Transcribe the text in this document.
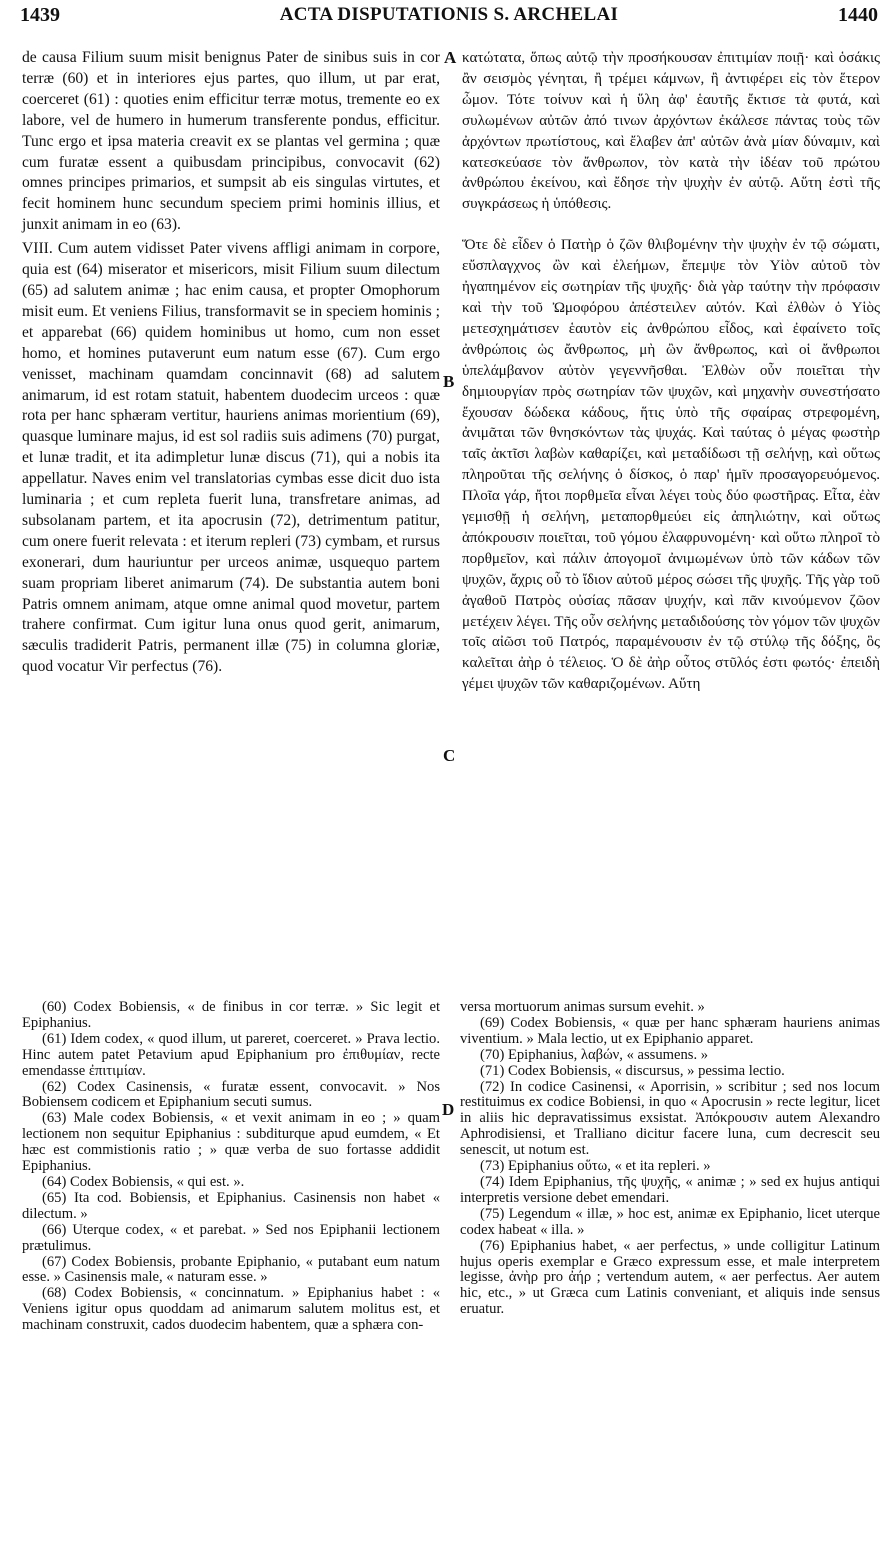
1439	ACTA DISPUTATIONIS S. ARCHELAI	1440

de causa Filium suum misit benignus Pater de sinibus suis in cor terræ (60) et in interiores ejus partes, quo illum, ut par erat, coerceret (61) : quoties enim efficitur terræ motus, tremente eo ex labore, vel de humero in humerum transferente pondus, efficitur. Tunc ergo et ipsa materia creavit ex se plantas vel germina ; quæ cum furatæ essent a quibusdam principibus, convocavit (62) omnes principes primarios, et sumpsit ab eis singulas virtutes, et fecit hominem hunc secundum speciem primi hominis illius, et junxit animam in eo (63).

VIII. Cum autem vidisset Pater vivens affligi animam in corpore, quia est (64) miserator et misericors, misit Filium suum dilectum (65) ad salutem animæ ; hac enim causa, et propter Omophorum misit eum. Et veniens Filius, transformavit se in speciem hominis ; et apparebat (66) quidem hominibus ut homo, cum non esset homo, et homines putaverunt eum natum esse (67). Cum ergo venisset, machinam quamdam concinnavit (68) ad salutem animarum, id est rotam statuit, habentem duodecim urceos : quæ rota per hanc sphæram vertitur, hauriens animas morientium (69), quasque luminare majus, id est sol radiis suis adimens (70) purgat, et lunæ tradit, et ita adimpletur lunæ discus (71), qui a nobis ita appellatur. Naves enim vel translatorias cymbas esse dicit duo ista luminaria ; et cum repleta fuerit luna, transfretare animas, ad subsolanam partem, et ita apocrusin (72), detrimentum patitur, cum onere fuerit relevata : et iterum repleri (73) cymbam, et rursus exonerari, dum hauriuntur per urceos animæ, usquequo partem suam propriam liberet animarum (74). De substantia autem boni Patris omnem animam, atque omne animal quod movetur, partem trahere confirmat. Cum igitur luna onus quod gerit, animarum, sæculis tradiderit Patris, permanent illæ (75) in columna gloriæ, quod vocatur Vir perfectus (76).

A
B
C
D

κατώτατα, ὅπως αὐτῷ τὴν προσήκουσαν ἐπιτιμίαν ποιῇ· καὶ ὁσάκις ἂν σεισμὸς γένηται, ἢ τρέμει κάμνων, ἢ ἀντιφέρει εἰς τὸν ἕτερον ὦμον. Τότε τοίνυν καὶ ἡ ὕλη ἀφ' ἑαυτῆς ἔκτισε τὰ φυτά, καὶ συλωμένων αὐτῶν ἀπό τινων ἀρχόντων ἐκάλεσε πάντας τοὺς τῶν ἀρχόντων πρωτίστους, καὶ ἔλαβεν ἀπ' αὐτῶν ἀνὰ μίαν δύναμιν, καὶ κατεσκεύασε τὸν ἄνθρωπον, τὸν κατὰ τὴν ἰδέαν τοῦ πρώτου ἀνθρώπου ἐκείνου, καὶ ἔδησε τὴν ψυχὴν ἐν αὐτῷ. Αὕτη ἐστὶ τῆς συγκράσεως ἡ ὑπόθεσις.

Ὅτε δὲ εἶδεν ὁ Πατὴρ ὁ ζῶν θλιβομένην τὴν ψυχὴν ἐν τῷ σώματι, εὔσπλαγχνος ὢν καὶ ἐλεήμων, ἔπεμψε τὸν Υἱὸν αὐτοῦ τὸν ἠγαπημένον εἰς σωτηρίαν τῆς ψυχῆς· διὰ γὰρ ταύτην τὴν πρόφασιν καὶ τὴν τοῦ Ὠμοφόρου ἀπέστειλεν αὐτόν. Καὶ ἐλθὼν ὁ Υἱὸς μετεσχημάτισεν ἑαυτὸν εἰς ἀνθρώπου εἶδος, καὶ ἐφαίνετο τοῖς ἀνθρώποις ὡς ἄνθρωπος, μὴ ὢν ἄνθρωπος, καὶ οἱ ἄνθρωποι ὑπελάμβανον αὐτὸν γεγεννῆσθαι. Ἐλθὼν οὖν ποιεῖται τὴν δημιουργίαν πρὸς σωτηρίαν τῶν ψυχῶν, καὶ μηχανὴν συνεστήσατο ἔχουσαν δώδεκα κάδους, ἥτις ὑπὸ τῆς σφαίρας στρεφομένη, ἀνιμᾶται τῶν θνησκόντων τὰς ψυχάς. Καὶ ταύτας ὁ μέγας φωστὴρ ταῖς ἀκτῖσι λαβὼν καθαρίζει, καὶ μεταδίδωσι τῇ σελήνῃ, καὶ οὕτως πληροῦται τῆς σελήνης ὁ δίσκος, ὁ παρ' ἡμῖν προσαγορευόμενος. Πλοῖα γάρ, ἤτοι πορθμεῖα εἶναι λέγει τοὺς δύο φωστῆρας. Εἶτα, ἐὰν γεμισθῇ ἡ σελήνη, μεταπορθμεύει εἰς ἀπηλιώτην, καὶ οὕτως ἀπόκρουσιν ποιεῖται, τοῦ γόμου ἐλαφρυνομένη· καὶ οὕτω πληροῖ τὸ πορθμεῖον, καὶ πάλιν ἀπογομοῖ ἀνιμωμένων ὑπὸ τῶν κάδων τῶν ψυχῶν, ἄχρις οὗ τὸ ἴδιον αὐτοῦ μέρος σώσει τῆς ψυχῆς. Τῆς γὰρ τοῦ ἀγαθοῦ Πατρὸς οὐσίας πᾶσαν ψυχήν, καὶ πᾶν κινούμενον ζῶον μετέχειν λέγει. Τῆς οὖν σελήνης μεταδιδούσης τὸν γόμον τῶν ψυχῶν τοῖς αἰῶσι τοῦ Πατρός, παραμένουσιν ἐν τῷ στύλῳ τῆς δόξης, ὃς καλεῖται ἀὴρ ὁ τέλειος. Ὁ δὲ ἀὴρ οὗτος στῦλός ἐστι φωτός· ἐπειδὴ γέμει ψυχῶν τῶν καθαριζομένων. Αὕτη

(60) Codex Bobiensis, « de finibus in cor terræ. » Sic legit et Epiphanius.

(61) Idem codex, « quod illum, ut pareret, coerceret. » Prava lectio. Hinc autem patet Petavium apud Epiphanium pro ἐπιθυμίαν, recte emendasse ἐπιτιμίαν.

(62) Codex Casinensis, « furatæ essent, convocavit. » Nos Bobiensem codicem et Epiphanium secuti sumus.

(63) Male codex Bobiensis, « et vexit animam in eo ; » quam lectionem non sequitur Epiphanius : subditurque apud eumdem, « Et hæc est commistionis ratio ; » quæ verba de suo fortasse addidit Epiphanius.

(64) Codex Bobiensis, « qui est. ».

(65) Ita cod. Bobiensis, et Epiphanius. Casinensis non habet « dilectum. »

(66) Uterque codex, « et parebat. » Sed nos Epiphanii lectionem prætulimus.

(67) Codex Bobiensis, probante Epiphanio, « putabant eum natum esse. » Casinensis male, « naturam esse. »

(68) Codex Bobiensis, « concinnatum. » Epiphanius habet : « Veniens igitur opus quoddam ad animarum salutem molitus est, et machinam construxit, cados duodecim habentem, quæ a sphæra con-

versa mortuorum animas sursum evehit. »

(69) Codex Bobiensis, « quæ per hanc sphæram hauriens animas viventium. » Mala lectio, ut ex Epiphanio apparet.

(70) Epiphanius, λαβών, « assumens. »

(71) Codex Bobiensis, « discursus, » pessima lectio.

(72) In codice Casinensi, « Aporrisin, » scribitur ; sed nos locum restituimus ex codice Bobiensi, in quo « Apocrusin » recte legitur, licet in aliis hic depravatissimus exsistat. Ἀπόκρουσιν autem Alexandro Aphrodisiensi, et Tralliano dicitur facere luna, cum decrescit seu senescit, ut notum est.

(73) Epiphanius οὕτω, « et ita repleri. »

(74) Idem Epiphanius, τῆς ψυχῆς, « animæ ; » sed ex hujus antiqui interpretis versione debet emendari.

(75) Legendum « illæ, » hoc est, animæ ex Epiphanio, licet uterque codex habeat « illa. »

(76) Epiphanius habet, « aer perfectus, » unde colligitur Latinum hujus operis exemplar e Græco expressum esse, et male interpretem legisse, ἀνὴρ pro ἀήρ ; vertendum autem, « aer perfectus. Aer autem hic, etc., » ut Græca cum Latinis conveniant, et aliquis inde sensus eruatur.
